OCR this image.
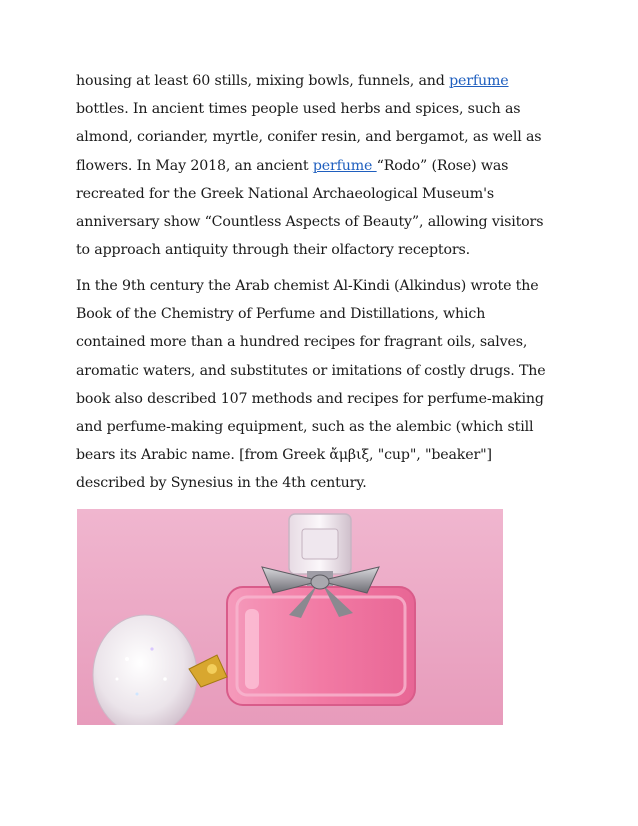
housing at least 60 stills, mixing bowls, funnels, and perfume
bottles. In ancient times people used herbs and spices, such as
almond, coriander, myrtle, conifer resin, and bergamot, as well as
flowers. In May 2018, an ancient perfume “Rodo” (Rose) was
recreated for the Greek National Archaeological Museum's
anniversary show “Countless Aspects of Beauty”, allowing visitors
to approach antiquity through their olfactory receptors.

In the 9th century the Arab chemist Al-Kindi (Alkindus) wrote the
Book of the Chemistry of Perfume and Distillations, which
contained more than a hundred recipes for fragrant oils, salves,
aromatic waters, and substitutes or imitations of costly drugs. The
book also described 107 methods and recipes for perfume-making
and perfume-making equipment, such as the alembic (which still
bears its Arabic name. [from Greek ἄμβιξ, "cup", "beaker"]
described by Synesius in the 4th century.
